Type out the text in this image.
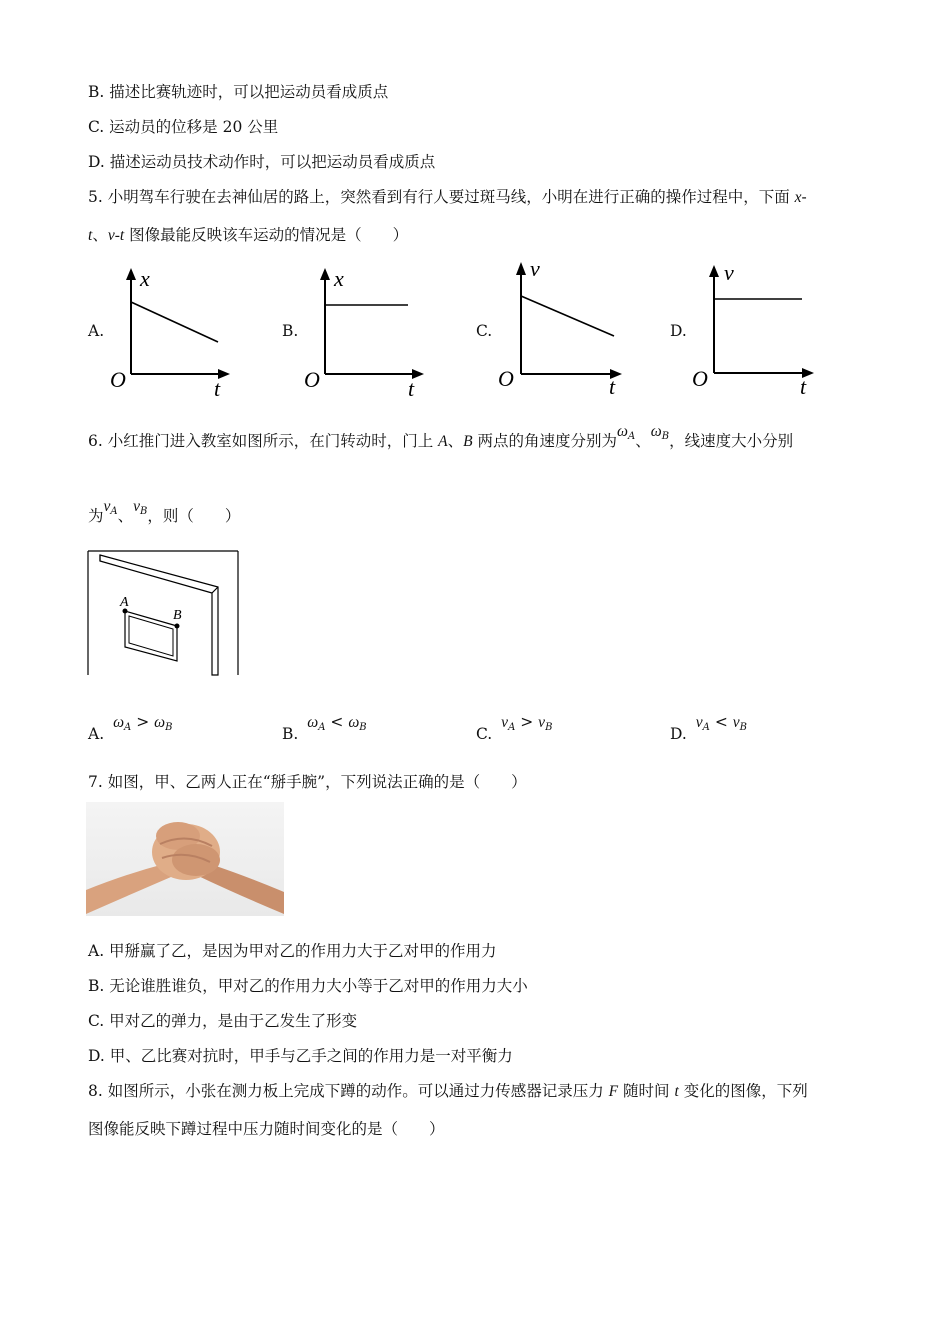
B. 描述比赛轨迹时，可以把运动员看成质点
C. 运动员的位移是 20 公里
D. 描述运动员技术动作时，可以把运动员看成质点
5. 小明驾车行驶在去神仙居的路上，突然看到有行人要过斑马线，小明在进行正确的操作过程中，下面 x-
t、v-t 图像最能反映该车运动的情况是（　　）
A.
x
O	t
B.
x
O	t
C.
v
O	t
D.
v
O	t
6. 小红推门进入教室如图所示，在门转动时，门上 A、B 两点的角速度分别为$\omega_A$、$\omega_B$，线速度大小分别
为$v_A$、$v_B$，则（　　）
A
B
A. $\omega_A > \omega_B$	B. $\omega_A < \omega_B$	C. $v_A > v_B$	D. $v_A < v_B$
7. 如图，甲、乙两人正在“掰手腕”，下列说法正确的是（　　）
A. 甲掰赢了乙，是因为甲对乙的作用力大于乙对甲的作用力
B. 无论谁胜谁负，甲对乙的作用力大小等于乙对甲的作用力大小
C. 甲对乙的弹力，是由于乙发生了形变
D. 甲、乙比赛对抗时，甲手与乙手之间的作用力是一对平衡力
8. 如图所示，小张在测力板上完成下蹲的动作。可以通过力传感器记录压力 F 随时间 t 变化的图像，下列
图像能反映下蹲过程中压力随时间变化的是（　　）
